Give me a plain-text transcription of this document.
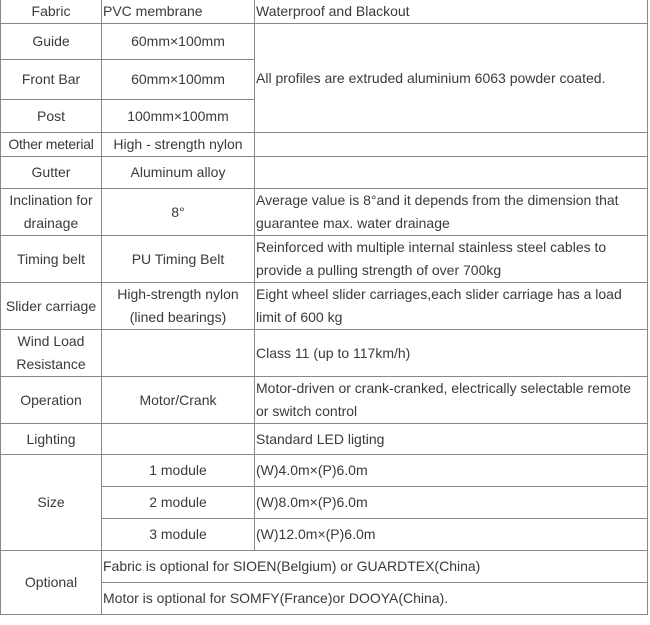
Fabric	PVC membrane	Waterproof and Blackout
Guide	60mm×100mm	All profiles are extruded aluminium 6063 powder coated.
Front Bar	60mm×100mm	
Post	100mm×100mm	
Other meterial	High - strength nylon	
Gutter	Aluminum alloy	
Inclination for drainage	8°	Average value is 8°and it depends from the dimension that guarantee max. water drainage
Timing belt	PU Timing Belt	Reinforced with multiple internal stainless steel cables to provide a pulling strength of over 700kg
Slider carriage	High-strength nylon (lined bearings)	Eight wheel slider carriages,each slider carriage has a load limit of 600 kg
Wind Load Resistance		Class 11 (up to 117km/h)
Operation	Motor/Crank	Motor-driven or crank-cranked, electrically selectable remote or switch control
Lighting		Standard LED ligting
Size	1 module	(W)4.0m×(P)6.0m
	2 module	(W)8.0m×(P)6.0m
	3 module	(W)12.0m×(P)6.0m
Optional	Fabric is optional for SIOEN(Belgium) or GUARDTEX(China)	
	Motor is optional for SOMFY(France)or DOOYA(China).	
